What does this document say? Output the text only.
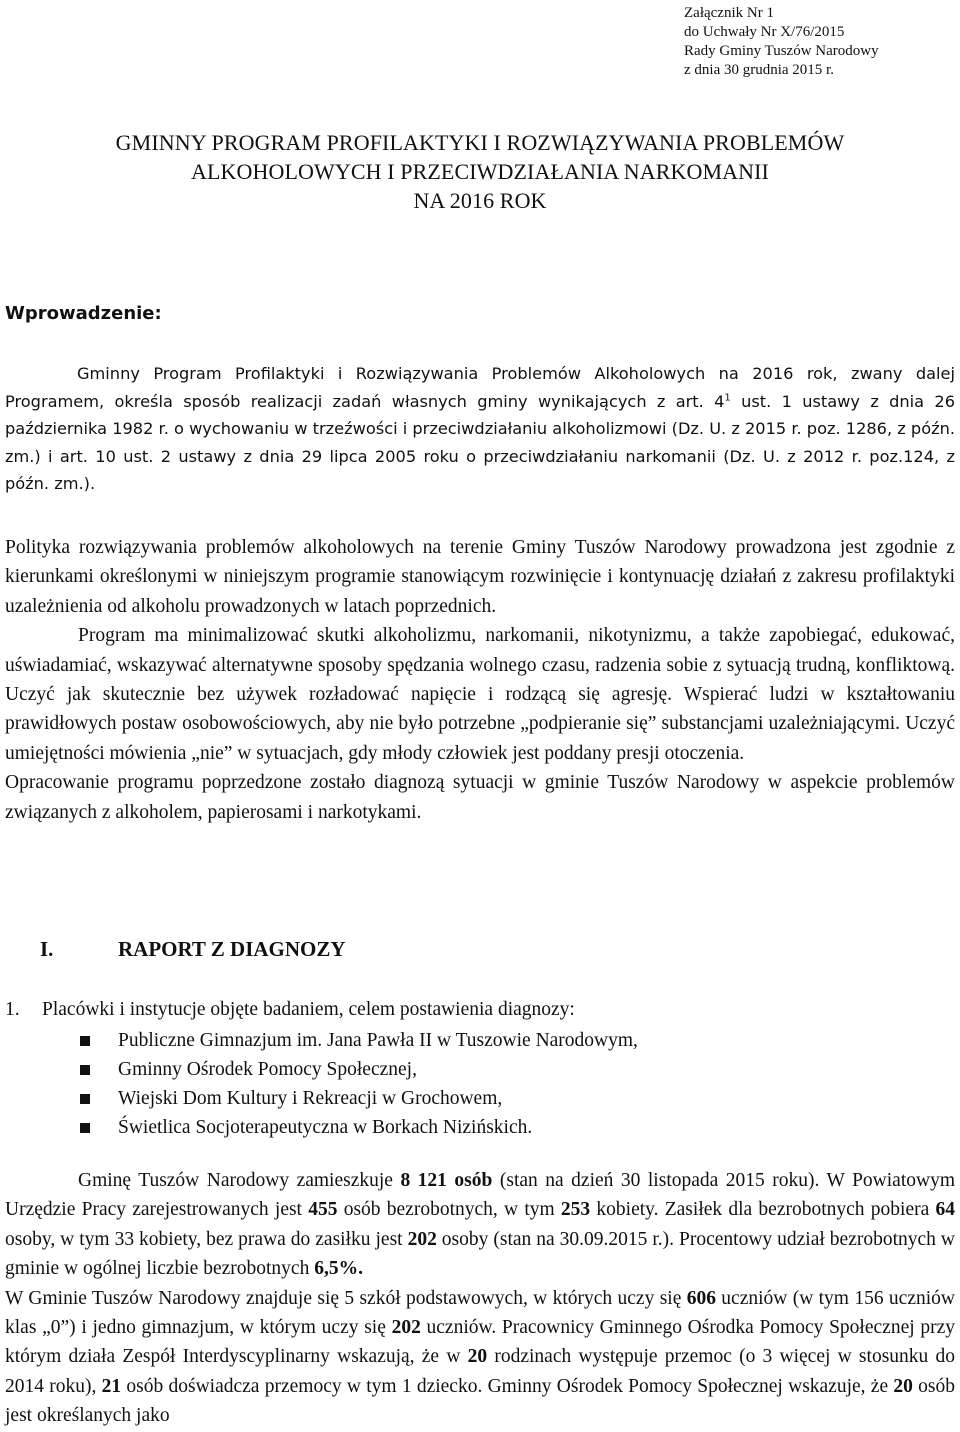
Załącznik Nr 1
do Uchwały Nr X/76/2015
Rady Gminy Tuszów Narodowy
z dnia 30 grudnia 2015 r.
GMINNY PROGRAM PROFILAKTYKI I ROZWIĄZYWANIA PROBLEMÓW
ALKOHOLOWYCH I PRZECIWDZIAŁANIA NARKOMANII
NA 2016 ROK
Wprowadzenie:
Gminny Program Profilaktyki i Rozwiązywania Problemów Alkoholowych na 2016 rok, zwany dalej Programem, określa sposób realizacji zadań własnych gminy wynikających z art. $4^1$ ust. 1 ustawy z dnia 26 października 1982 r. o wychowaniu w trzeźwości i przeciwdziałaniu alkoholizmowi (Dz. U. z 2015 r. poz. 1286, z późn. zm.) i art. 10 ust. 2 ustawy z dnia 29 lipca 2005 roku o przeciwdziałaniu narkomanii (Dz. U. z 2012 r. poz.124, z późn. zm.).

Polityka rozwiązywania problemów alkoholowych na terenie Gminy Tuszów Narodowy prowadzona jest zgodnie z kierunkami określonymi w niniejszym programie stanowiącym rozwinięcie i kontynuację działań z zakresu profilaktyki uzależnienia od alkoholu prowadzonych w latach poprzednich.

Program ma minimalizować skutki alkoholizmu, narkomanii, nikotynizmu, a także zapobiegać, edukować, uświadamiać, wskazywać alternatywne sposoby spędzania wolnego czasu, radzenia sobie z sytuacją trudną, konfliktową. Uczyć jak skutecznie bez używek rozładować napięcie i rodzącą się agresję. Wspierać ludzi w kształtowaniu prawidłowych postaw osobowościowych, aby nie było potrzebne „podpieranie się” substancjami uzależniającymi. Uczyć umiejętności mówienia „nie” w sytuacjach, gdy młody człowiek jest poddany presji otoczenia.

Opracowanie programu poprzedzone zostało diagnozą sytuacji w gminie Tuszów Narodowy w aspekcie problemów związanych z alkoholem, papierosami i narkotykami.

I.	RAPORT Z DIAGNOZY
1. Placówki i instytucje objęte badaniem, celem postawienia diagnozy:
Publiczne Gimnazjum im. Jana Pawła II w Tuszowie Narodowym,
Gminny Ośrodek Pomocy Społecznej,
Wiejski Dom Kultury i Rekreacji w Grochowem,
Świetlica Socjoterapeutyczna w Borkach Nizińskich.

Gminę Tuszów Narodowy zamieszkuje 8 121 osób (stan na dzień 30 listopada 2015 roku). W Powiatowym Urzędzie Pracy zarejestrowanych jest 455 osób bezrobotnych, w tym 253 kobiety. Zasiłek dla bezrobotnych pobiera 64 osoby, w tym 33 kobiety, bez prawa do zasiłku jest 202 osoby (stan na 30.09.2015 r.). Procentowy udział bezrobotnych w gminie w ogólnej liczbie bezrobotnych 6,5%.

W Gminie Tuszów Narodowy znajduje się 5 szkół podstawowych, w których uczy się 606 uczniów (w tym 156 uczniów klas „0”) i jedno gimnazjum, w którym uczy się 202 uczniów. Pracownicy Gminnego Ośrodka Pomocy Społecznej przy którym działa Zespół Interdyscyplinarny wskazują, że w 20 rodzinach występuje przemoc (o 3 więcej w stosunku do 2014 roku), 21 osób doświadcza przemocy w tym 1 dziecko. Gminny Ośrodek Pomocy Społecznej wskazuje, że 20 osób jest określanych jako
